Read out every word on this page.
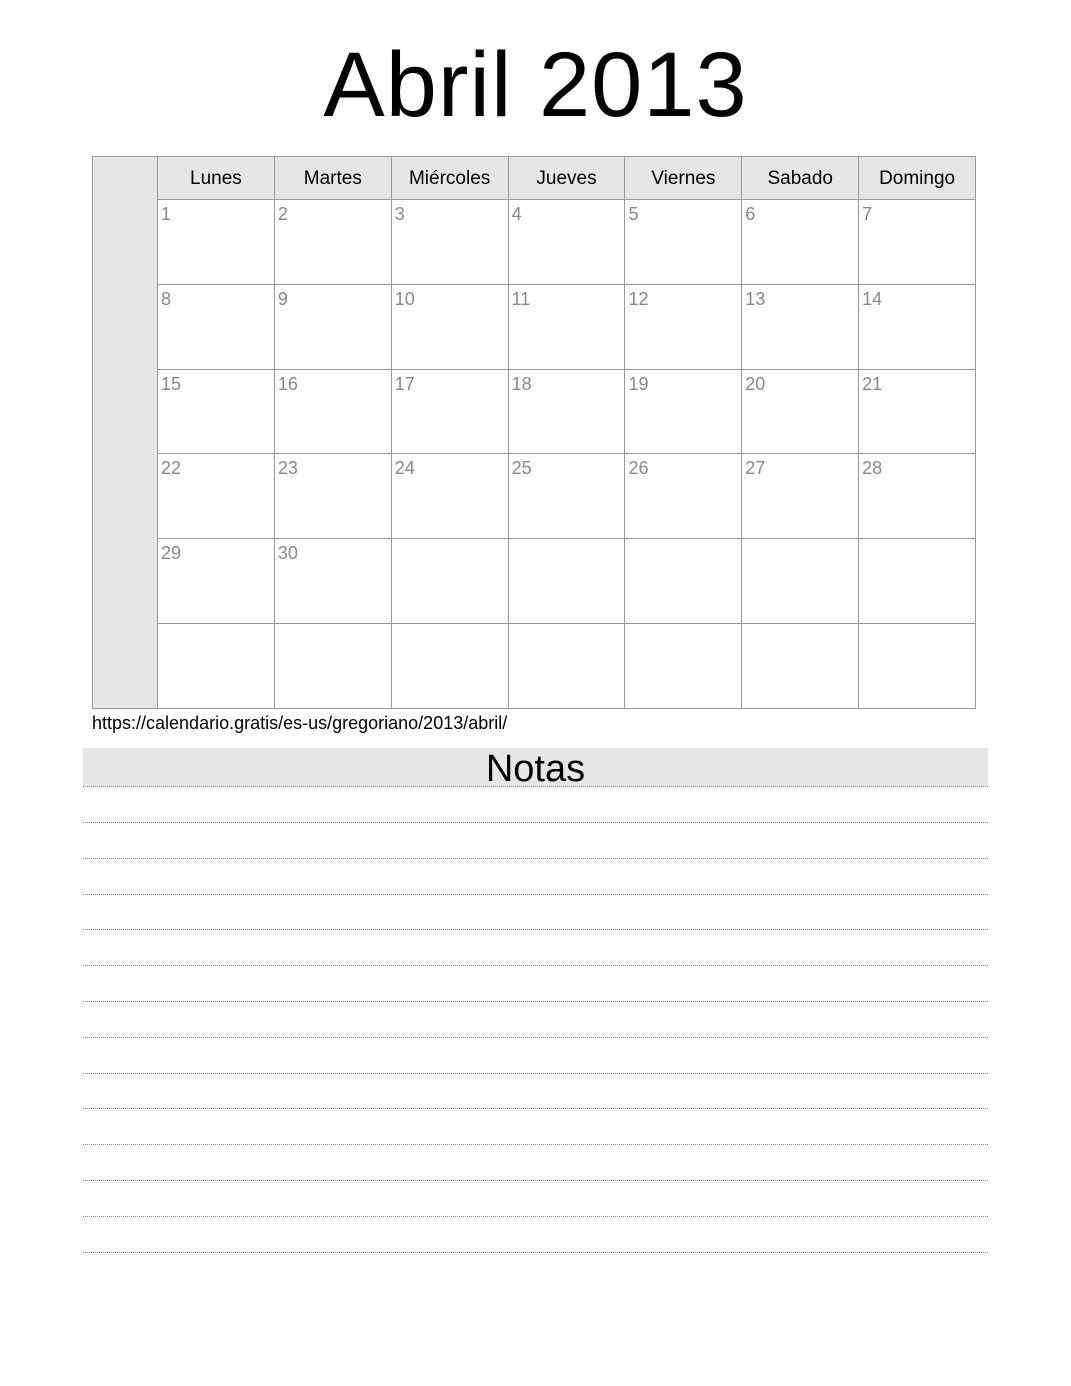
Abril 2013
Lunes	Martes	Miércoles	Jueves	Viernes	Sabado	Domingo
1	2	3	4	5	6	7
8	9	10	11	12	13	14
15	16	17	18	19	20	21
22	23	24	25	26	27	28
29	30
https://calendario.gratis/es-us/gregoriano/2013/abril/
Notas
